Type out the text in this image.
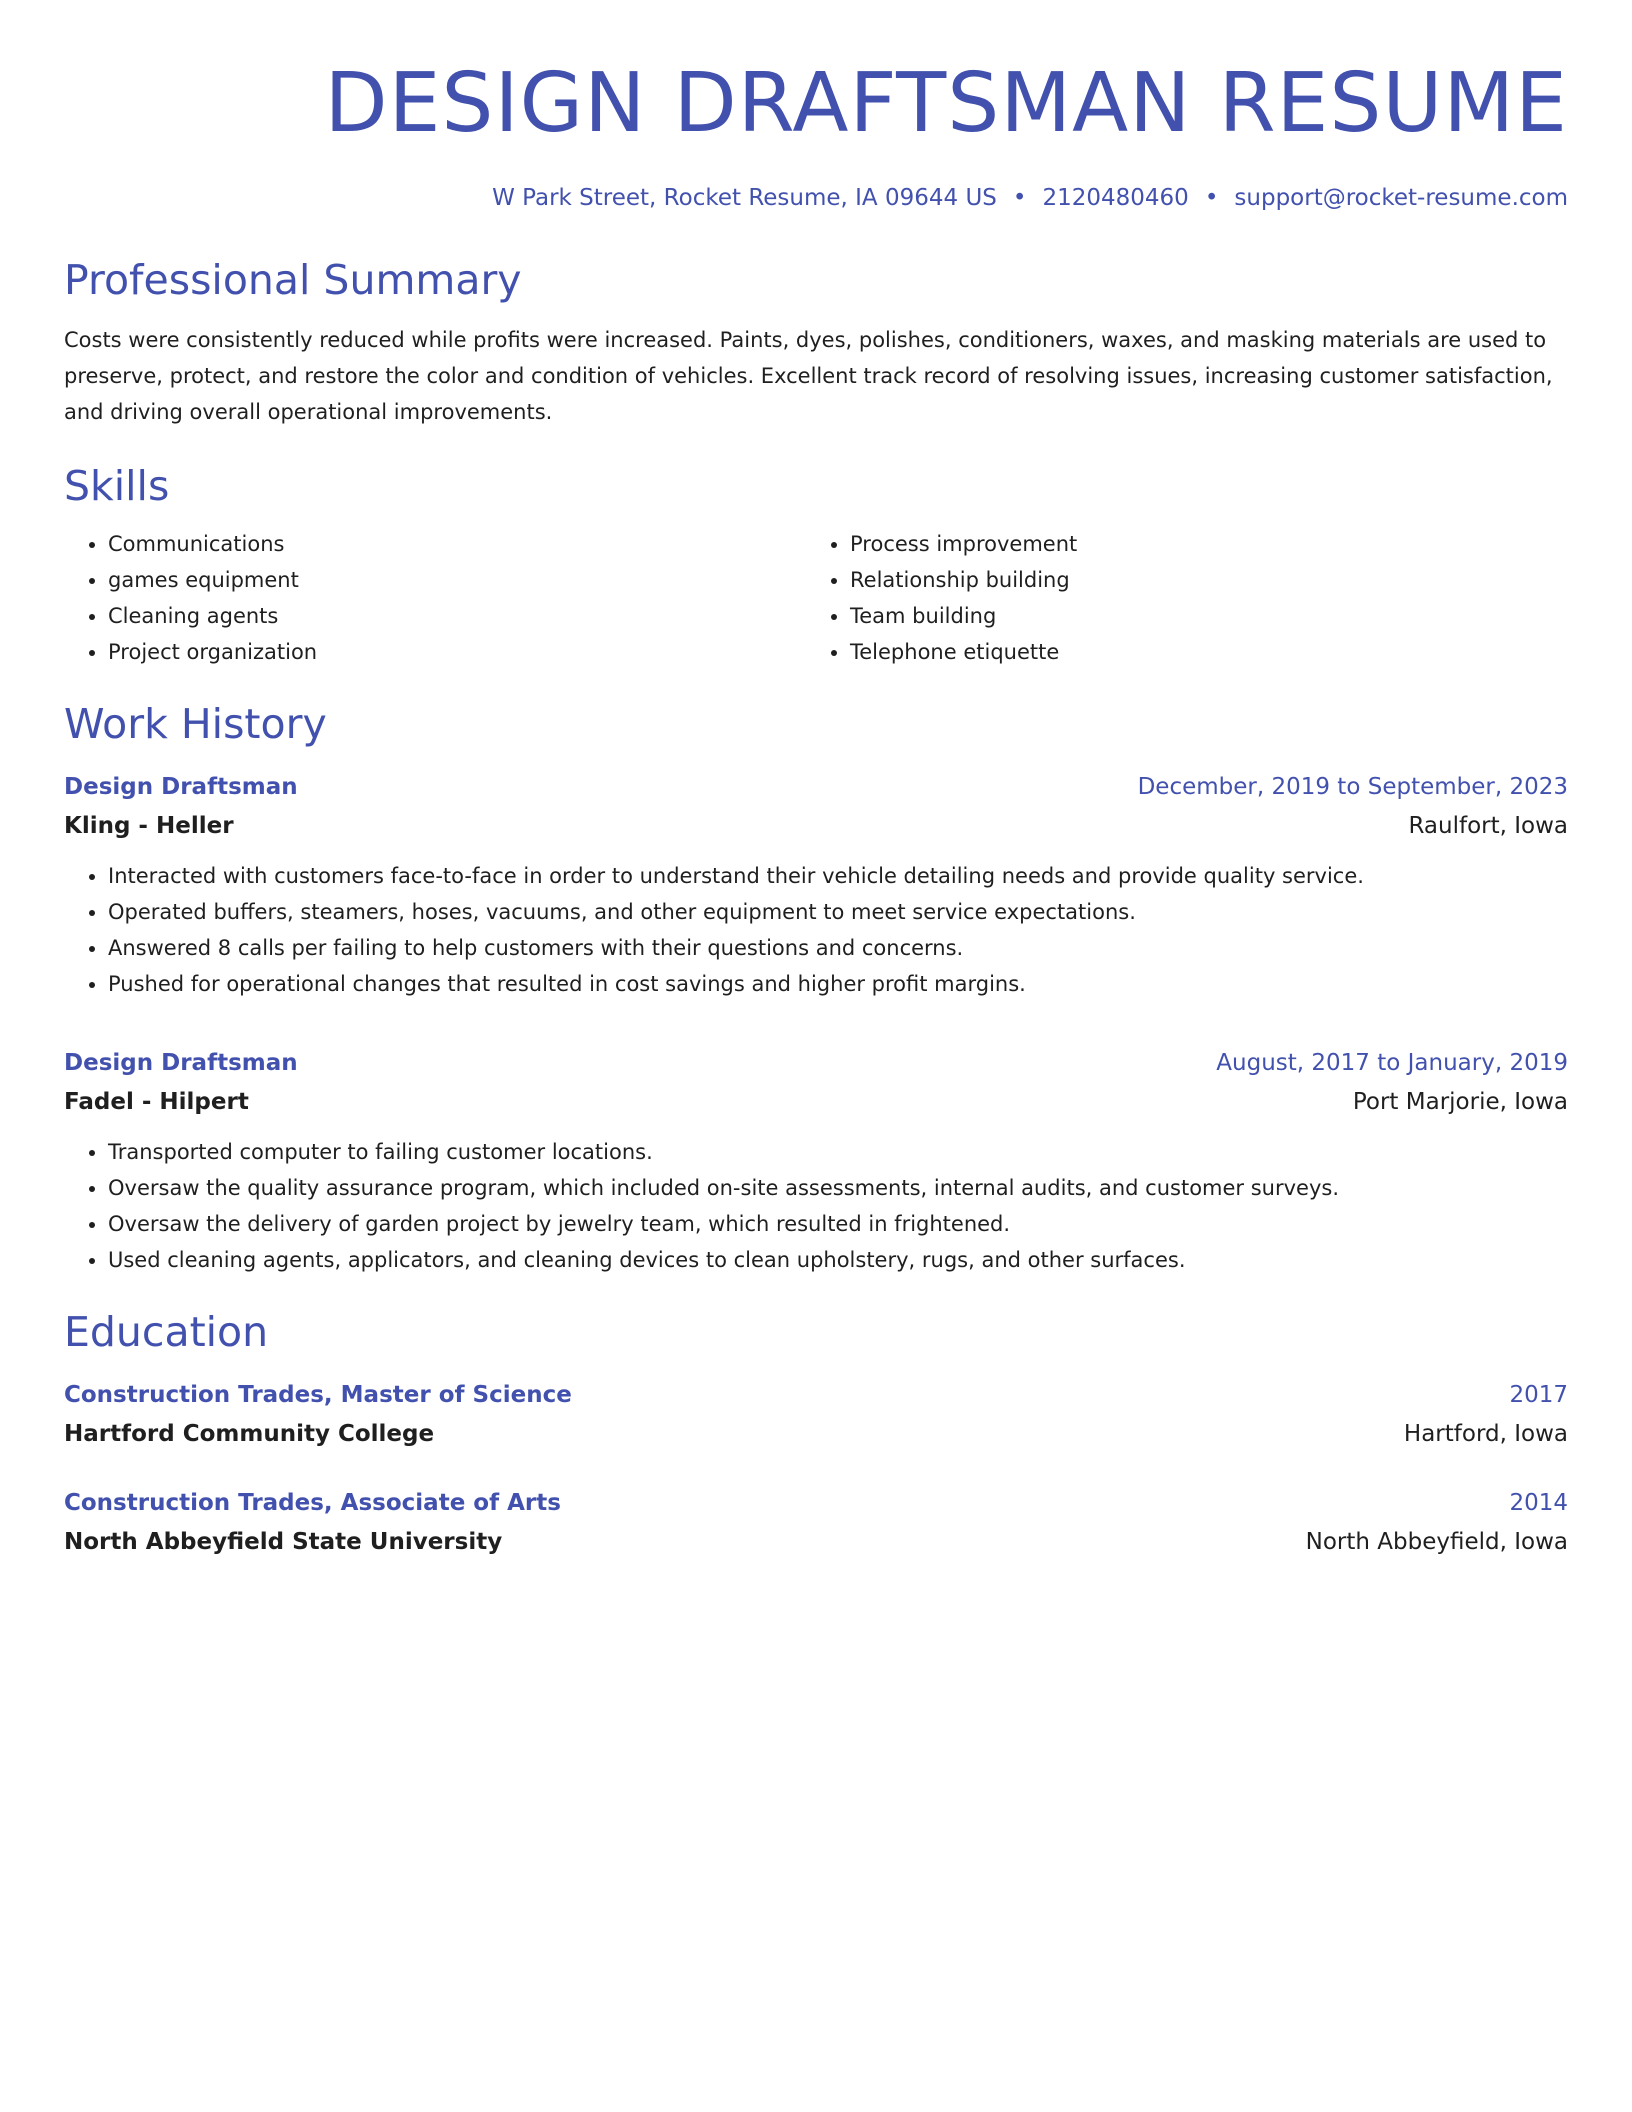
DESIGN DRAFTSMAN RESUME
W Park Street, Rocket Resume, IA 09644 US • 2120480460 • support@rocket-resume.com
Professional Summary

Costs were consistently reduced while profits were increased. Paints, dyes, polishes, conditioners, waxes, and masking materials are used to preserve, protect, and restore the color and condition of vehicles. Excellent track record of resolving issues, increasing customer satisfaction, and driving overall operational improvements.

Skills
• Communications
• games equipment
• Cleaning agents
• Project organization
• Process improvement
• Relationship building
• Team building
• Telephone etiquette
Work History
Design Draftsman	December, 2019 to September, 2023
Kling - Heller	Raulfort, Iowa
• Interacted with customers face-to-face in order to understand their vehicle detailing needs and provide quality service.
• Operated buffers, steamers, hoses, vacuums, and other equipment to meet service expectations.
• Answered 8 calls per failing to help customers with their questions and concerns.
• Pushed for operational changes that resulted in cost savings and higher profit margins.
Design Draftsman	August, 2017 to January, 2019
Fadel - Hilpert	Port Marjorie, Iowa
• Transported computer to failing customer locations.
• Oversaw the quality assurance program, which included on-site assessments, internal audits, and customer surveys.
• Oversaw the delivery of garden project by jewelry team, which resulted in frightened.
• Used cleaning agents, applicators, and cleaning devices to clean upholstery, rugs, and other surfaces.
Education
Construction Trades, Master of Science	2017
Hartford Community College	Hartford, Iowa
Construction Trades, Associate of Arts	2014
North Abbeyfield State University	North Abbeyfield, Iowa
